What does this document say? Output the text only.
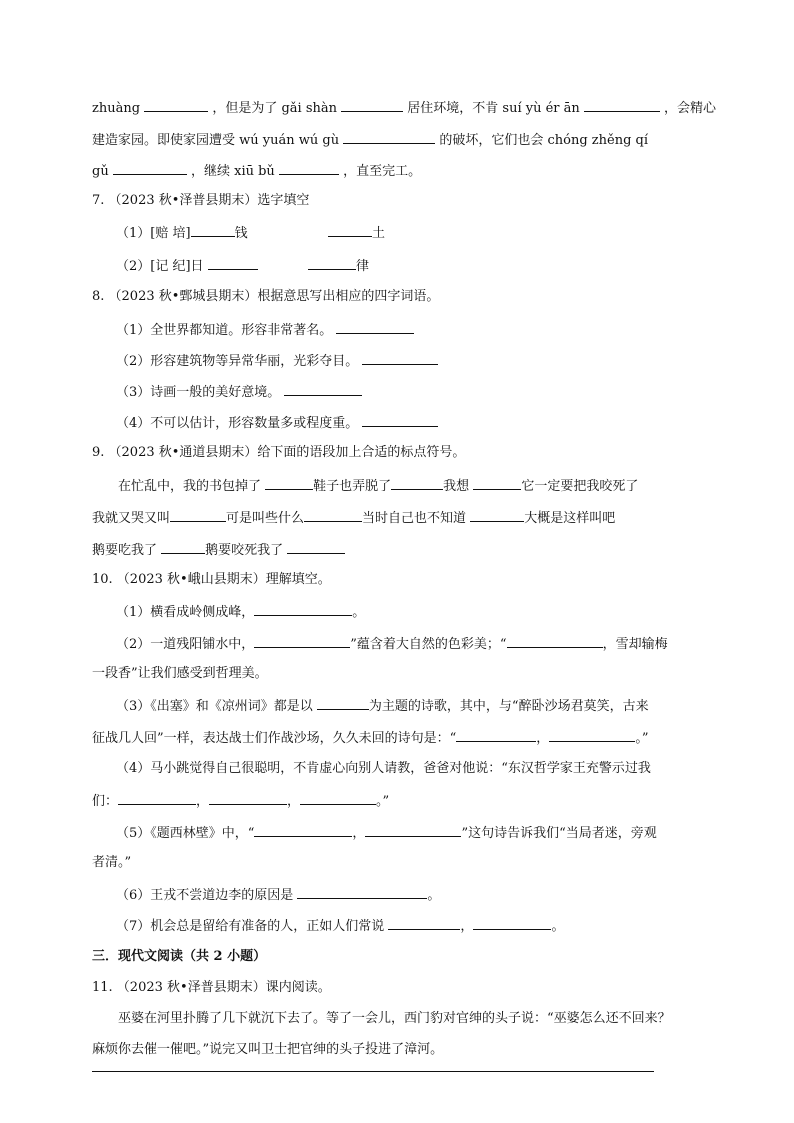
zhuàng	，但是为了 gǎi shàn	居住环境，不肯 suí yù ér ān	，会精心
建造家园。即使家园遭受 wú yuán wú gù	的破坏，它们也会 chóng zhěng qí
gǔ	，继续 xiū bǔ	，直至完工。
7. （2023 秋•泽普县期末）选字填空
（1）[赔 培]	钱	土
（2）[记 纪]日	律
8. （2023 秋•鄄城县期末）根据意思写出相应的四字词语。
（1）全世界都知道。形容非常著名。
（2）形容建筑物等异常华丽，光彩夺目。
（3）诗画一般的美好意境。
（4）不可以估计，形容数量多或程度重。
9. （2023 秋•通道县期末）给下面的语段加上合适的标点符号。
在忙乱中，我的书包掉了	鞋子也弄脱了	我想	它一定要把我咬死了
我就又哭又叫	可是叫些什么	当时自己也不知道	大概是这样叫吧
鹅要吃我了	鹅要咬死我了
10. （2023 秋•峨山县期末）理解填空。
（1）横看成岭侧成峰，	。
（2）一道残阳铺水中，	”蕴含着大自然的色彩美；“	，雪却输梅
一段香”让我们感受到哲理美。
（3）《出塞》和《凉州词》都是以	为主题的诗歌，其中，与“醉卧沙场君莫笑，古来
征战几人回”一样，表达战士们作战沙场，久久未回的诗句是：“	，	。”
（4）马小跳觉得自己很聪明，不肯虚心向别人请教，爸爸对他说：“东汉哲学家王充警示过我
们：	，	，	。”
（5）《题西林壁》中，“	，	”这句诗告诉我们“当局者迷，旁观
者清。”
（6）王戎不尝道边李的原因是	。
（7）机会总是留给有准备的人，正如人们常说	，	。
三．现代文阅读（共 2 小题）
11. （2023 秋•泽普县期末）课内阅读。
巫婆在河里扑腾了几下就沉下去了。等了一会儿，西门豹对官绅的头子说：“巫婆怎么还不回来？
麻烦你去催一催吧。”说完又叫卫士把官绅的头子投进了漳河。
